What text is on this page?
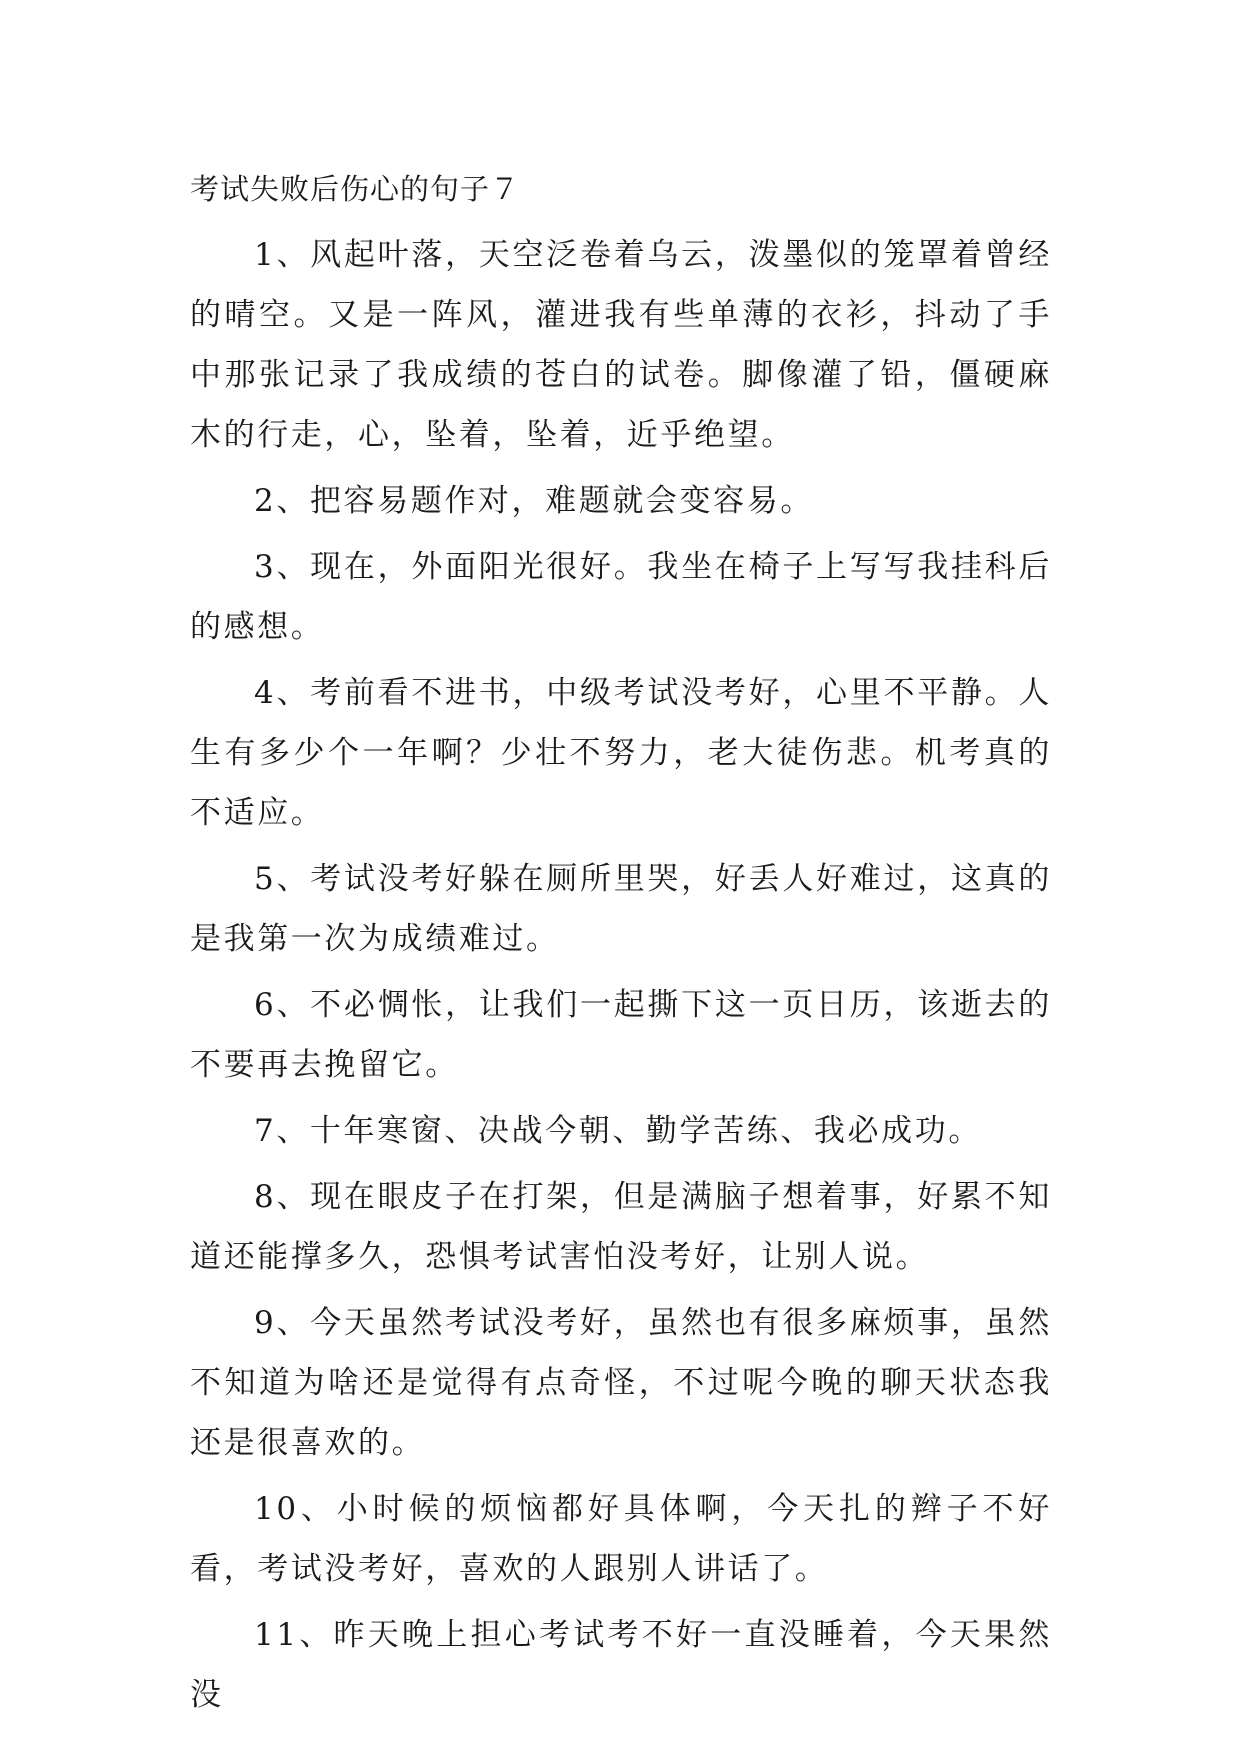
考试失败后伤心的句子７

1、风起叶落，天空泛卷着乌云，泼墨似的笼罩着曾经的晴空。又是一阵风，灌进我有些单薄的衣衫，抖动了手中那张记录了我成绩的苍白的试卷。脚像灌了铅，僵硬麻木的行走，心，坠着，坠着，近乎绝望。

2、把容易题作对，难题就会变容易。

3、现在，外面阳光很好。我坐在椅子上写写我挂科后的感想。

4、考前看不进书，中级考试没考好，心里不平静。人生有多少个一年啊？少壮不努力，老大徒伤悲。机考真的不适应。

5、考试没考好躲在厕所里哭，好丢人好难过，这真的是我第一次为成绩难过。

6、不必惆怅，让我们一起撕下这一页日历，该逝去的不要再去挽留它。

7、十年寒窗、决战今朝、勤学苦练、我必成功。

8、现在眼皮子在打架，但是满脑子想着事，好累不知道还能撑多久，恐惧考试害怕没考好，让别人说。

9、今天虽然考试没考好，虽然也有很多麻烦事，虽然不知道为啥还是觉得有点奇怪，不过呢今晚的聊天状态我还是很喜欢的。

10、小时候的烦恼都好具体啊，今天扎的辫子不好看，考试没考好，喜欢的人跟别人讲话了。

11、昨天晚上担心考试考不好一直没睡着，今天果然没
